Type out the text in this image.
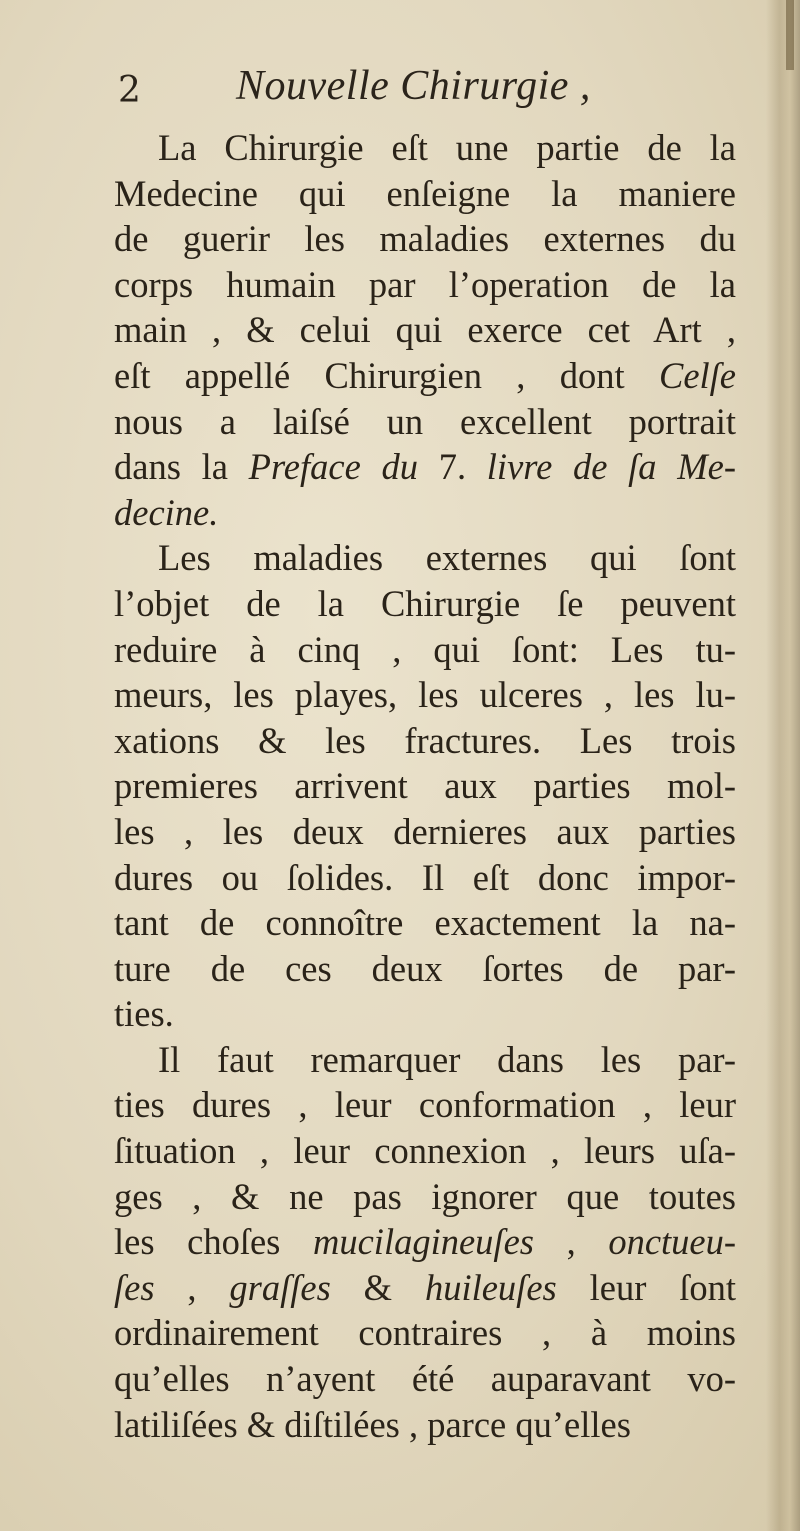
2 Nouvelle Chirurgie ,
La Chirurgie eſt une partie de la
Medecine qui enſeigne la maniere
de guerir les maladies externes du
corps humain par l’operation de la
main , & celui qui exerce cet Art ,
eſt appellé Chirurgien , dont Celſe
nous a laiſsé un excellent portrait
dans la Preface du 7. livre de ſa Me-
decine.
Les maladies externes qui ſont
l’objet de la Chirurgie ſe peuvent
reduire à cinq , qui ſont: Les tu-
meurs, les playes, les ulceres , les lu-
xations & les fractures. Les trois
premieres arrivent aux parties mol-
les , les deux dernieres aux parties
dures ou ſolides. Il eſt donc impor-
tant de connoître exactement la na-
ture de ces deux ſortes de par-
ties.
Il faut remarquer dans les par-
ties dures , leur conformation , leur
ſituation , leur connexion , leurs uſa-
ges , & ne pas ignorer que toutes
les choſes mucilagineuſes , onctueu-
ſes , graſſes & huileuſes leur ſont
ordinairement contraires , à moins
qu’elles n’ayent été auparavant vo-
latiliſées & diſtilées , parce qu’elles
